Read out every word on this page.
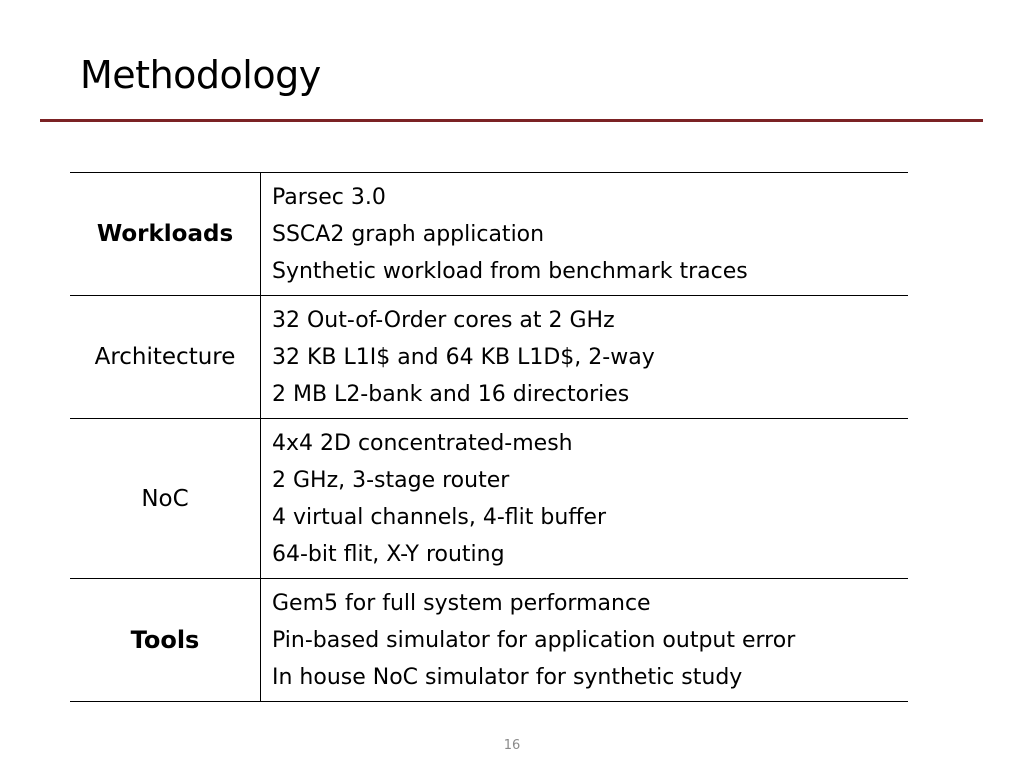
Methodology
Workloads	Parsec 3.0
SSCA2 graph application
Synthetic workload from benchmark traces

Architecture	32 Out-of-Order cores at 2 GHz
32 KB L1I$ and 64 KB L1D$, 2-way
2 MB L2-bank and 16 directories

NoC	4x4 2D concentrated-mesh
2 GHz, 3-stage router
4 virtual channels, 4-flit buffer
64-bit flit, X-Y routing

Tools	Gem5 for full system performance
Pin-based simulator for application output error
In house NoC simulator for synthetic study
16
